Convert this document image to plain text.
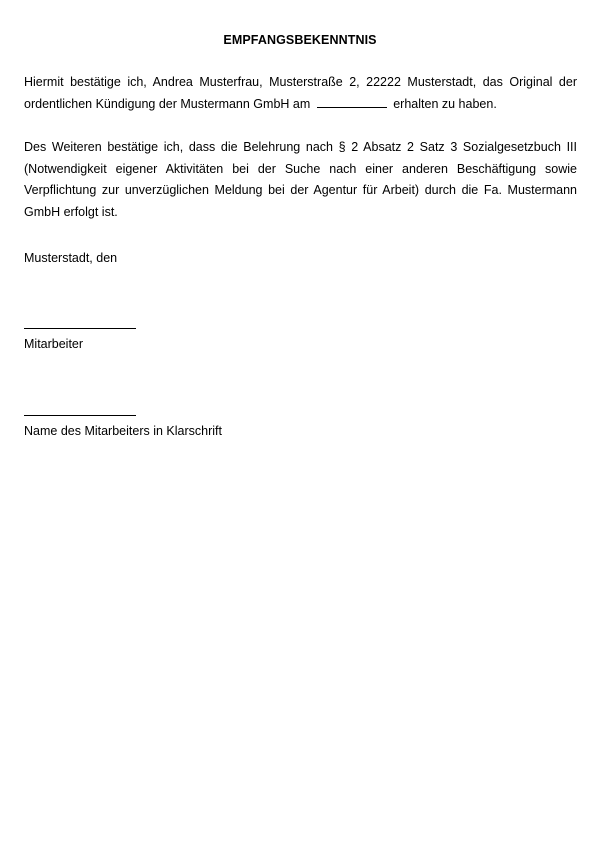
EMPFANGSBEKENNTNIS
Hiermit bestätige ich, Andrea Musterfrau, Musterstraße 2, 22222 Musterstadt, das Original der ordentlichen Kündigung der Mustermann GmbH am	erhalten zu haben.
Des Weiteren bestätige ich, dass die Belehrung nach § 2 Absatz 2 Satz 3 Sozialgesetzbuch III (Notwendigkeit eigener Aktivitäten bei der Suche nach einer anderen Beschäftigung sowie Verpflichtung zur unverzüglichen Meldung bei der Agentur für Arbeit) durch die Fa. Mustermann GmbH erfolgt ist.
Musterstadt, den
Mitarbeiter
Name des Mitarbeiters in Klarschrift
